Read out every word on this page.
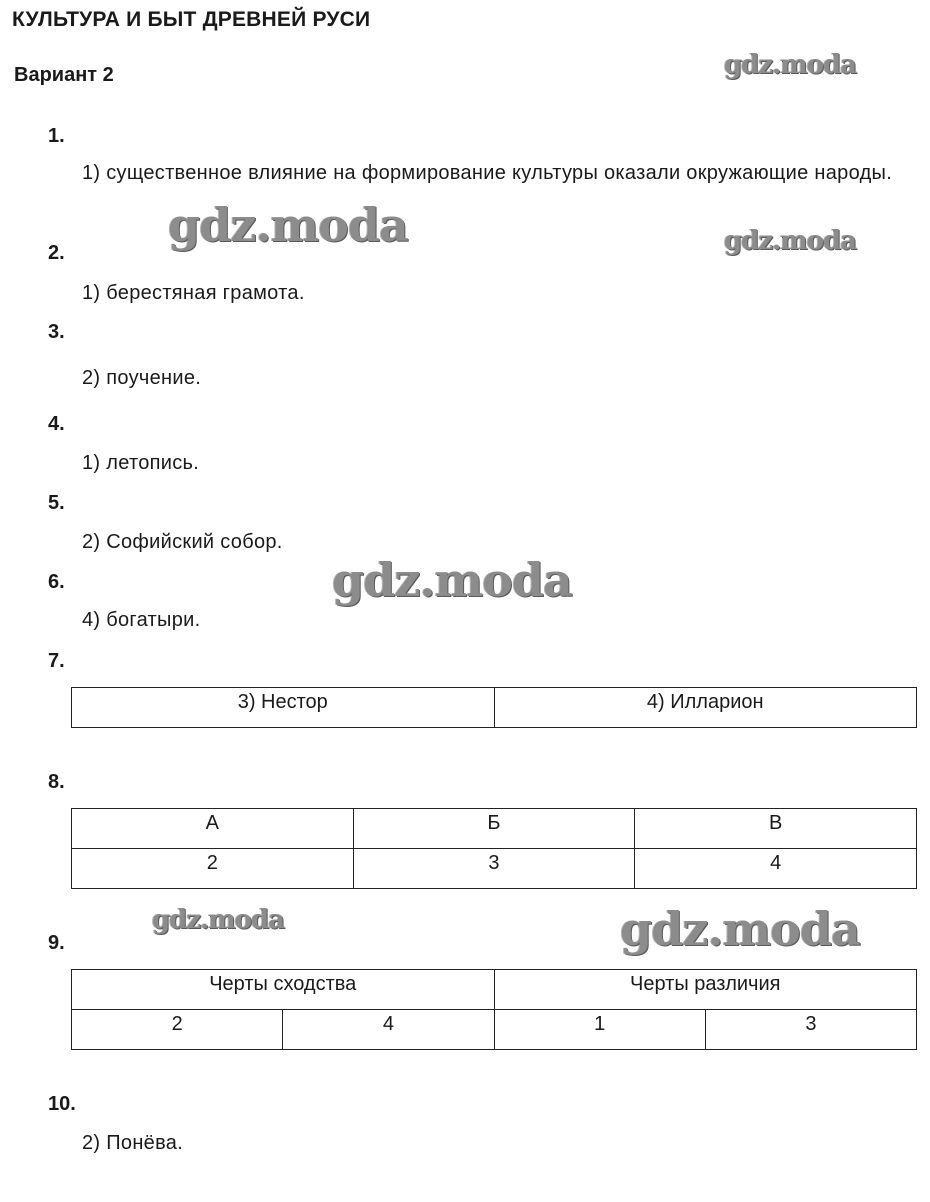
КУЛЬТУРА И БЫТ ДРЕВНЕЙ РУСИ
Вариант 2
1.
1) существенное влияние на формирование культуры оказали окружающие народы.
2.
1) берестяная грамота.
3.
2) поучение.
4.
1) летопись.
5.
2) Софийский собор.
6.
4) богатыри.
7.
3) Нестор	4) Илларион
8.
А	Б	В
2	3	4
9.
Черты сходства		Черты различия	
2	4	1	3
10.
2) Понёва.
gdz.moda
gdz.moda	gdz.moda
gdz.moda
gdz.moda	gdz.moda
